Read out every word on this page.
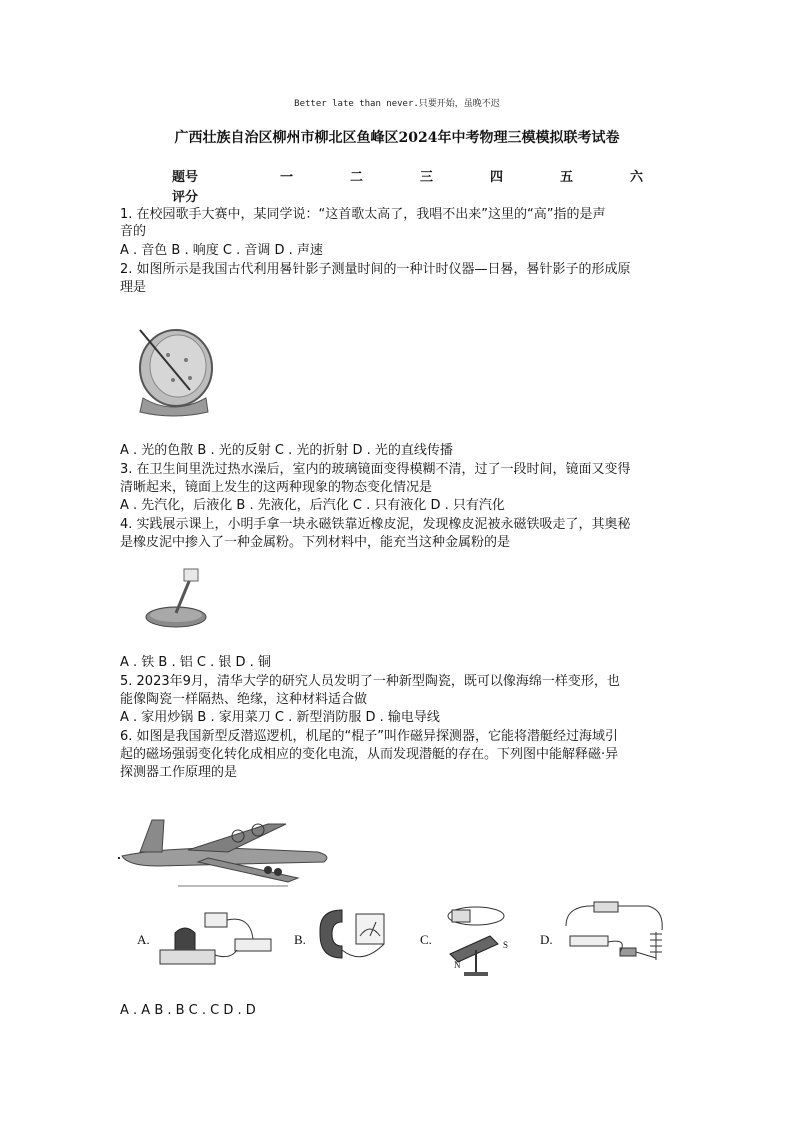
Better late than never.只要开始，虽晚不迟
广西壮族自治区柳州市柳北区鱼峰区2024年中考物理三模模拟联考试卷
题号	一	二	三	四	五	六
评分
1. 在校园歌手大赛中，某同学说：“这首歌太高了，我唱不出来”这里的“高”指的是声
音的
A . 音色 B . 响度 C . 音调 D . 声速
2. 如图所示是我国古代利用晷针影子测量时间的一种计时仪器—日晷，晷针影子的形成原
理是
A . 光的色散 B . 光的反射 C . 光的折射 D . 光的直线传播
3. 在卫生间里洗过热水澡后，室内的玻璃镜面变得模糊不清，过了一段时间，镜面又变得
清晰起来，镜面上发生的这两种现象的物态变化情况是
A . 先汽化，后液化 B . 先液化，后汽化 C . 只有液化 D . 只有汽化
4. 实践展示课上，小明手拿一块永磁铁靠近橡皮泥，发现橡皮泥被永磁铁吸走了，其奥秘
是橡皮泥中掺入了一种金属粉。下列材料中，能充当这种金属粉的是
A . 铁 B . 铝 C . 银 D . 铜
5. 2023年9月，清华大学的研究人员发明了一种新型陶瓷，既可以像海绵一样变形，也
能像陶瓷一样隔热、绝缘，这种材料适合做
A . 家用炒锅 B . 家用菜刀 C . 新型消防服 D . 输电导线
6. 如图是我国新型反潜巡逻机，机尾的“棍子”叫作磁异探测器，它能将潜艇经过海域引
起的磁场强弱变化转化成相应的变化电流，从而发现潜艇的存在。下列图中能解释磁·异
探测器工作原理的是
A.	B.	C.
N
S D.
A . A B . B C . C D . D
